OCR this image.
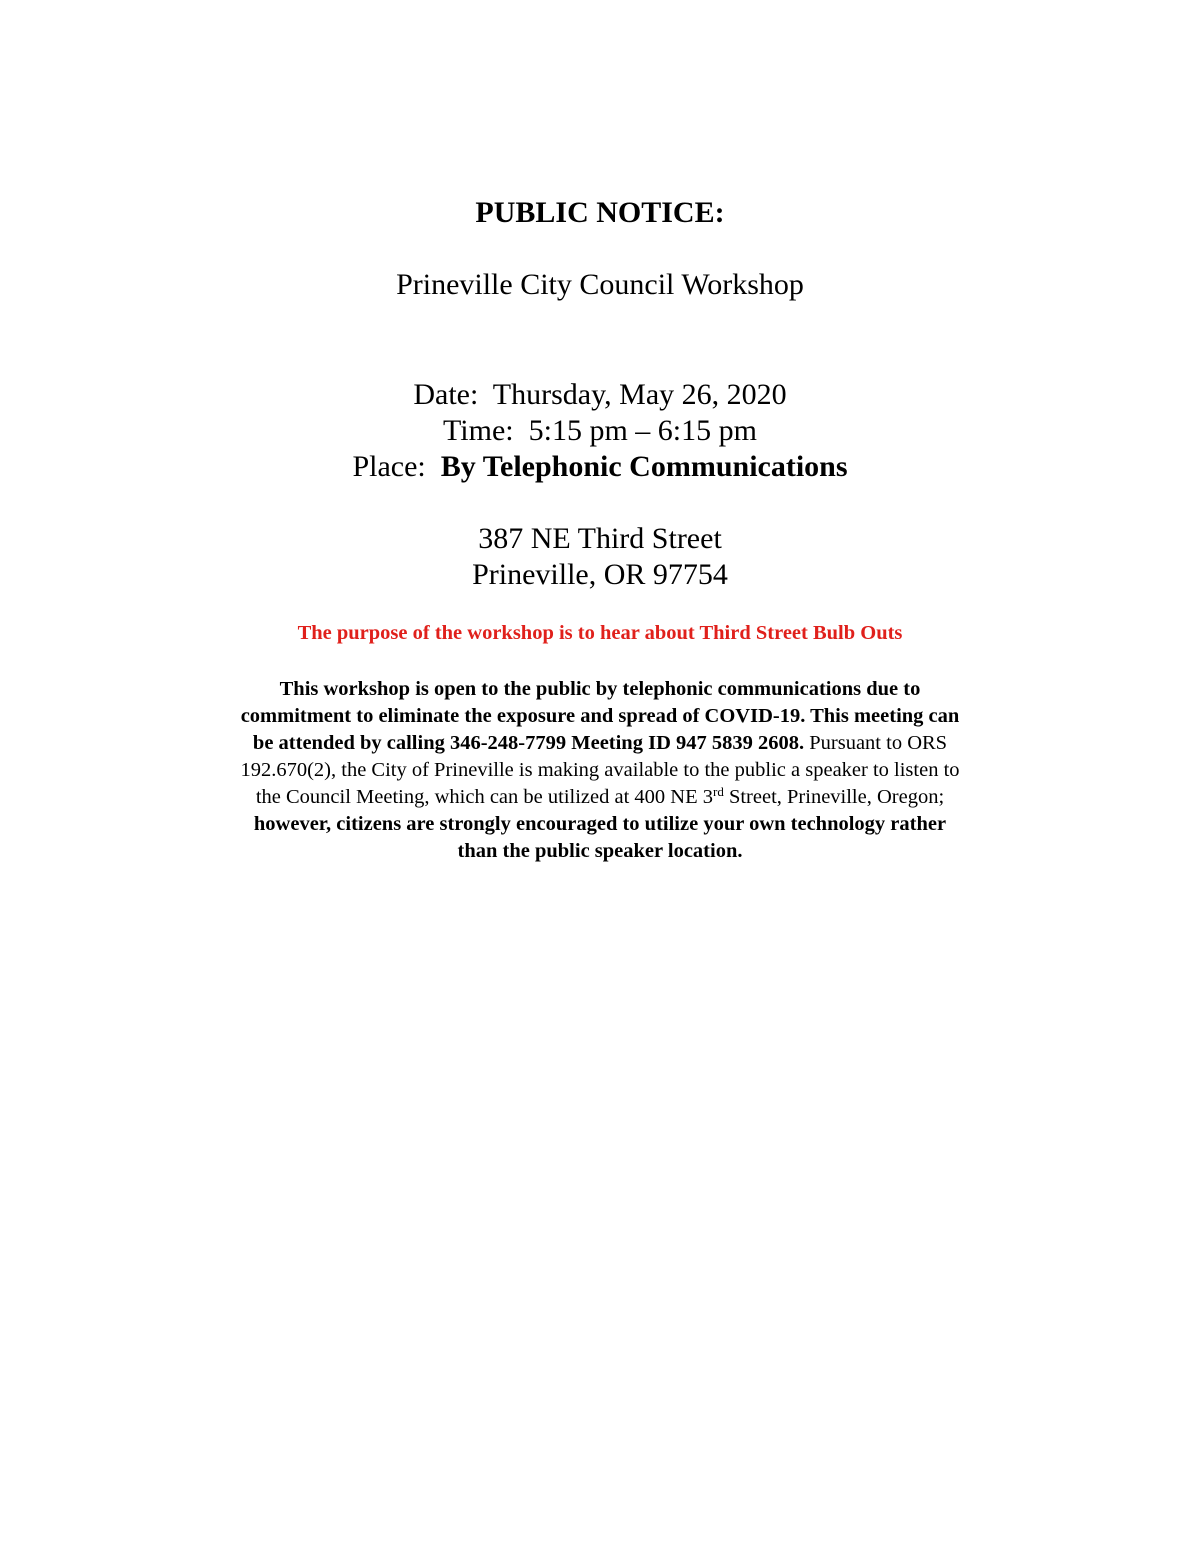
PUBLIC NOTICE:
Prineville City Council Workshop
Date: Thursday, May 26, 2020
Time: 5:15 pm – 6:15 pm
Place: By Telephonic Communications
387 NE Third Street
Prineville, OR 97754
The purpose of the workshop is to hear about Third Street Bulb Outs
This workshop is open to the public by telephonic communications due to
commitment to eliminate the exposure and spread of COVID-19. This meeting can
be attended by calling 346-248-7799 Meeting ID 947 5839 2608. Pursuant to ORS
192.670(2), the City of Prineville is making available to the public a speaker to listen to
the Council Meeting, which can be utilized at 400 NE 3rd Street, Prineville, Oregon;
however, citizens are strongly encouraged to utilize your own technology rather
than the public speaker location.
